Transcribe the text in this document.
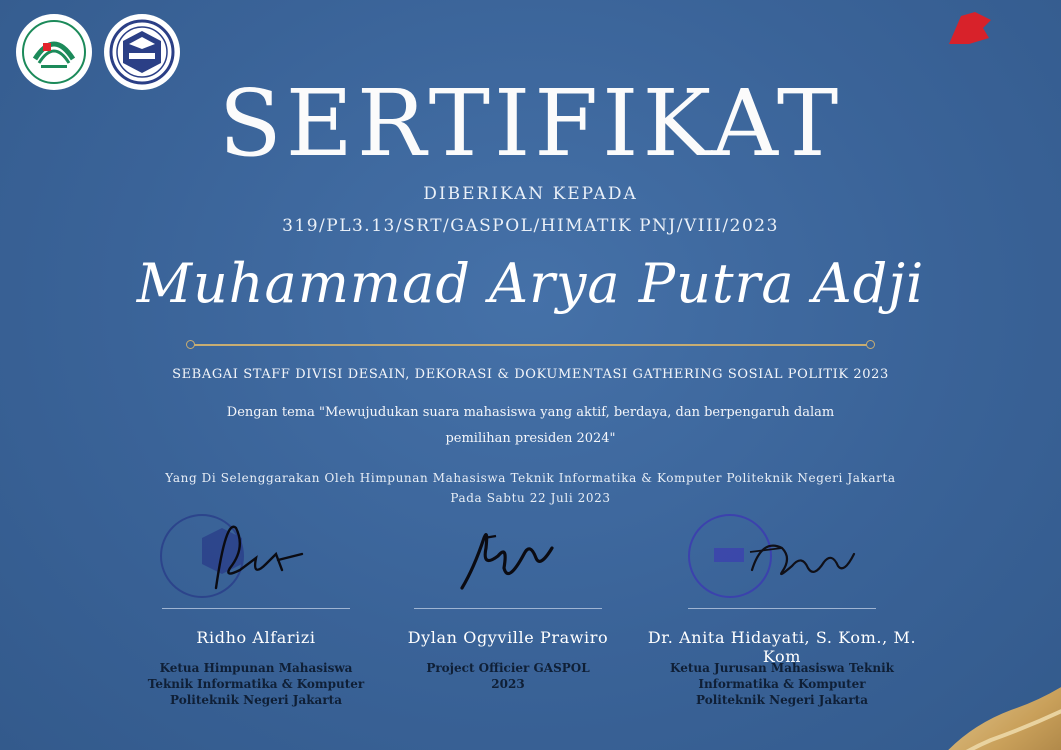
SERTIFIKAT
DIBERIKAN KEPADA
319/PL3.13/SRT/GASPOL/HIMATIK PNJ/VIII/2023
Muhammad Arya Putra Adji
SEBAGAI STAFF DIVISI DESAIN, DEKORASI & DOKUMENTASI GATHERING SOSIAL POLITIK 2023
Dengan tema "Mewujudukan suara mahasiswa yang aktif, berdaya, dan berpengaruh dalam
pemilihan presiden 2024"
Yang Di Selenggarakan Oleh Himpunan Mahasiswa Teknik Informatika & Komputer Politeknik Negeri Jakarta
Pada Sabtu 22 Juli 2023
Ridho Alfarizi
Ketua Himpunan Mahasiswa
Teknik Informatika & Komputer
Politeknik Negeri Jakarta
Dylan Ogyville Prawiro
Project Officier GASPOL
2023
Dr. Anita Hidayati, S. Kom., M. Kom
Ketua Jurusan Mahasiswa Teknik
Informatika & Komputer
Politeknik Negeri Jakarta
